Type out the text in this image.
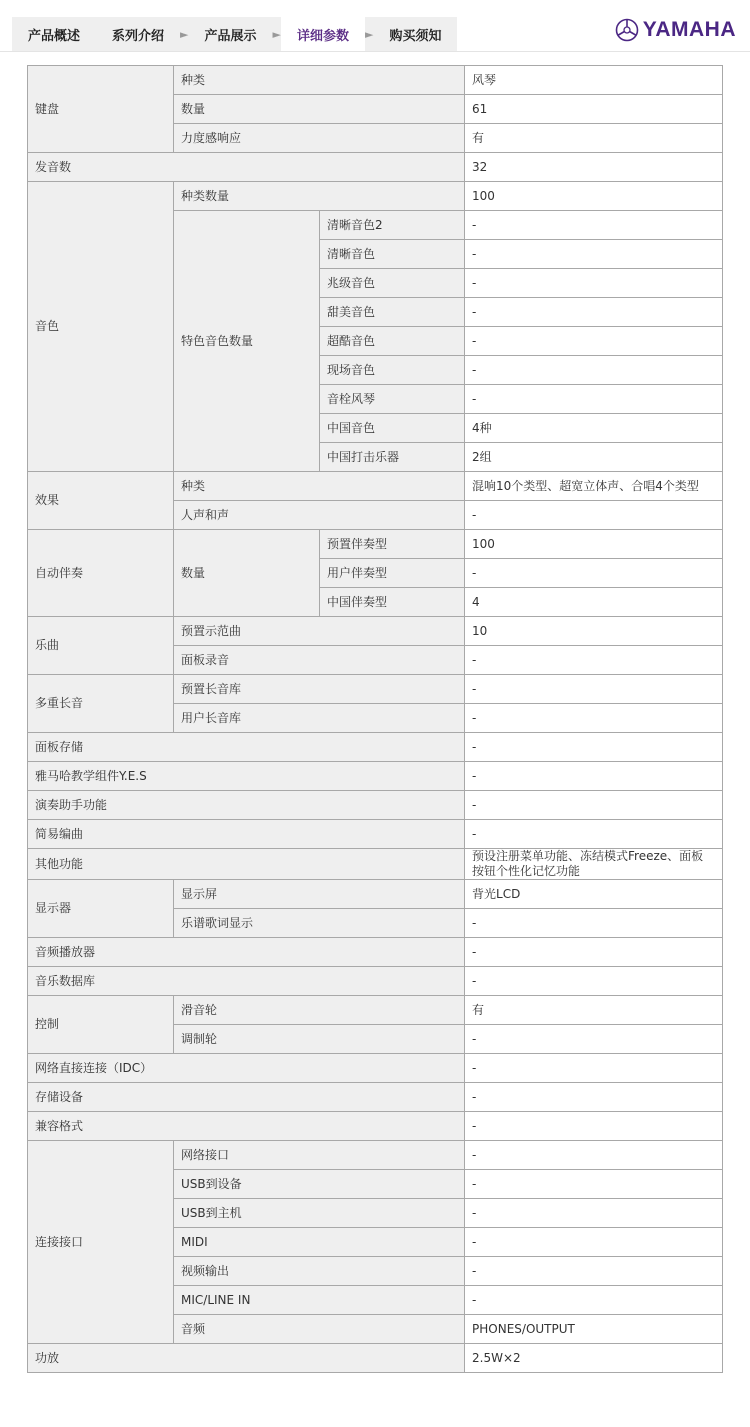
产品概述	系列介绍	►	产品展示	►	详细参数	►	购买须知	YAMAHA
键盘	种类		风琴
	数量		61
	力度感响应		有
发音数			32
音色	种类数量		100
	特色音色数量	清晰音色2	-
		清晰音色	-
		兆级音色	-
		甜美音色	-
		超酷音色	-
		现场音色	-
		音栓风琴	-
		中国音色	4种
		中国打击乐器	2组
效果	种类		混响10个类型、超宽立体声、合唱4个类型
	人声和声		-
自动伴奏	数量	预置伴奏型	100
		用户伴奏型	-
		中国伴奏型	4
乐曲	预置示范曲		10
	面板录音		-
多重长音	预置长音库		-
	用户长音库		-
面板存储			-
雅马哈教学组件Y.E.S			-
演奏助手功能			-
简易编曲			-
其他功能			预设注册菜单功能、冻结模式Freeze、面板按钮个性化记忆功能
显示器	显示屏		背光LCD
	乐谱歌词显示		-
音频播放器			-
音乐数据库			-
控制	滑音轮		有
	调制轮		-
网络直接连接（IDC）			-
存储设备			-
兼容格式			-
连接接口	网络接口		-
	USB到设备		-
	USB到主机		-
	MIDI		-
	视频输出		-
	MIC/LINE IN		-
	音频		PHONES/OUTPUT
功放			2.5W×2
